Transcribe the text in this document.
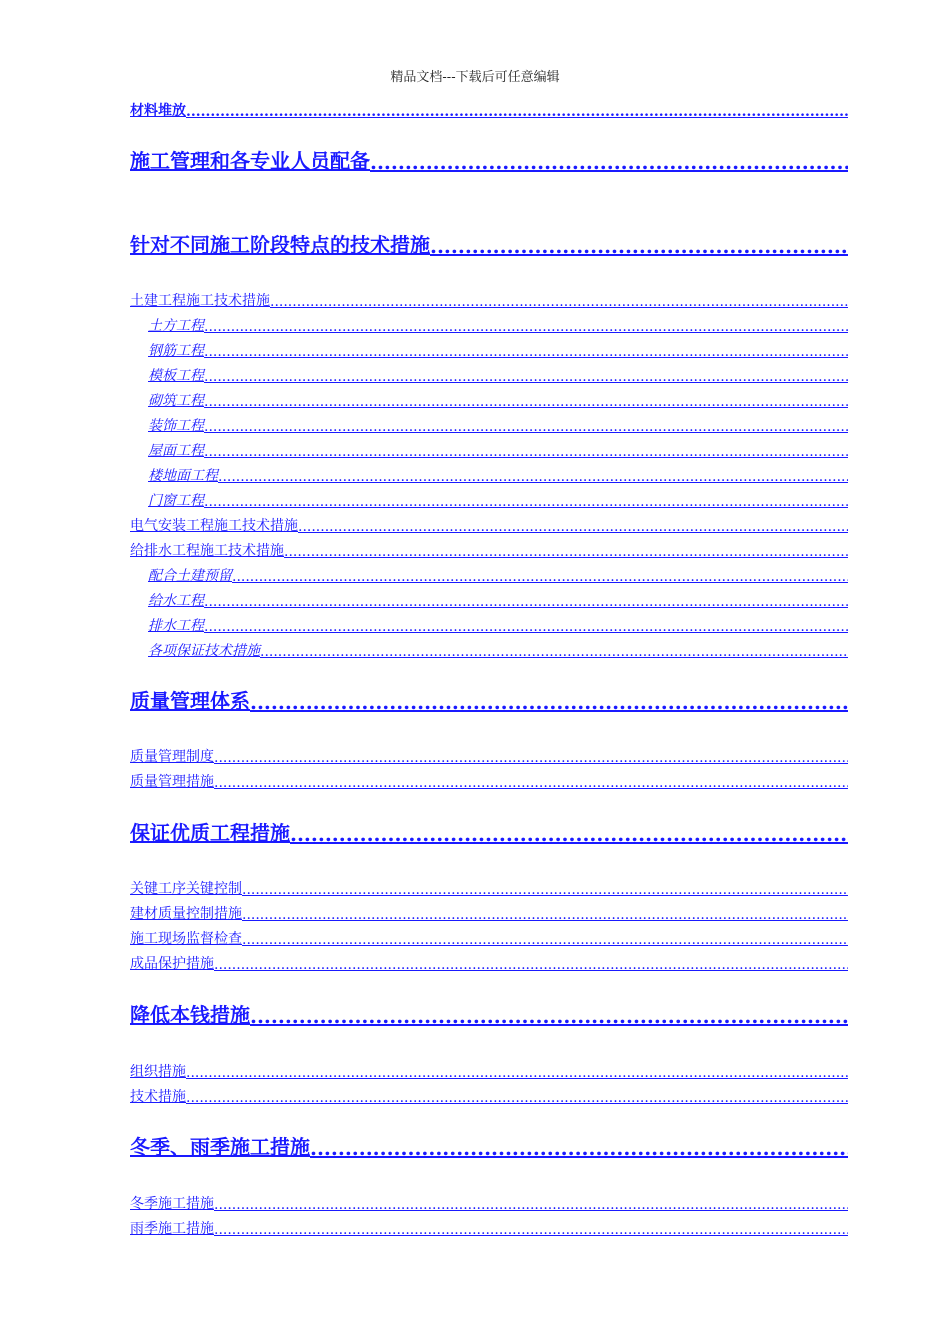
精品文档---下载后可任意编辑
材料堆放
.....
施工管理和各专业人员配备
.....
针对不同施工阶段特点的技术措施
.....
土建工程施工技术措施
.....
土方工程
.....
钢筋工程
.....
模板工程
.....
砌筑工程
.....
装饰工程
.....
屋面工程
.....
楼地面工程
.....
门窗工程
.....
电气安装工程施工技术措施
.....
给排水工程施工技术措施
.....
配合土建预留
.....
给水工程
.....
排水工程
.....
各项保证技术措施
.....
质量管理体系
.....
质量管理制度
.....
质量管理措施
.....
保证优质工程措施
.....
关键工序关键控制
.....
建材质量控制措施
.....
施工现场监督检查
.....
成品保护措施
.....
降低本钱措施
.....
组织措施
.....
技术措施
.....
冬季、雨季施工措施
.....
冬季施工措施
.....
雨季施工措施
.....
